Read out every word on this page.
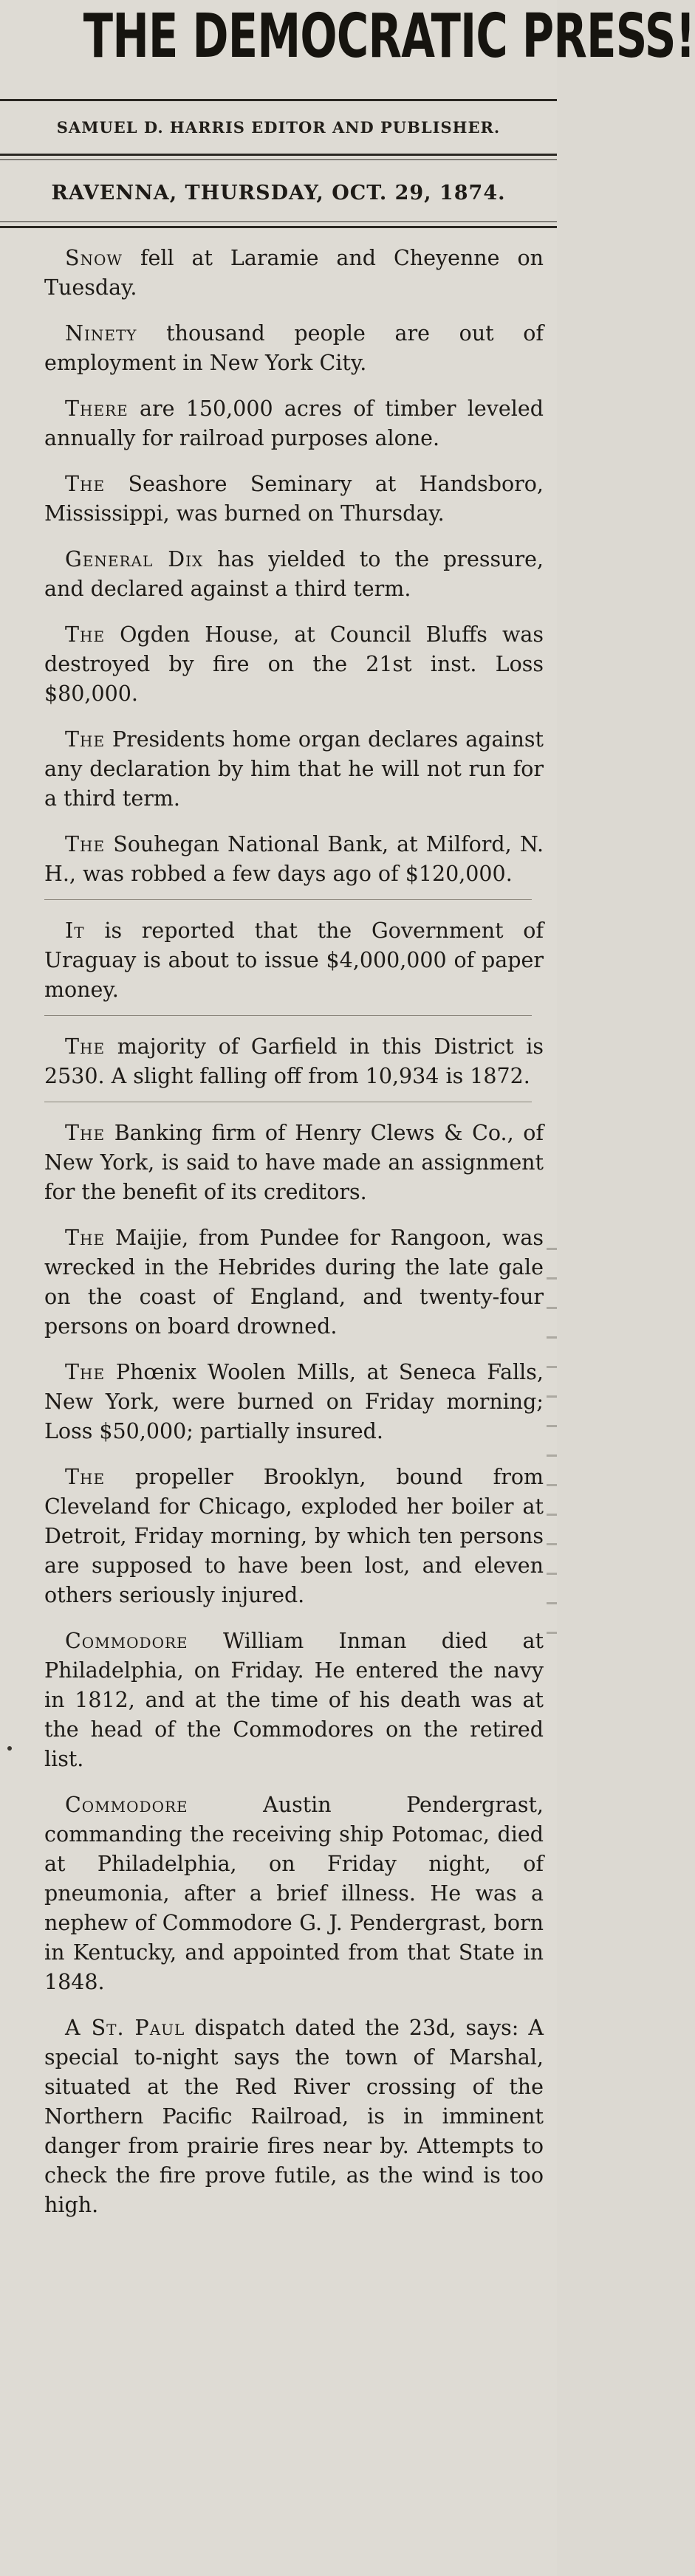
THE DEMOCRATIC PRESS!
SAMUEL D. HARRIS EDITOR AND PUBLISHER.
RAVENNA, THURSDAY, OCT. 29, 1874.

Snow fell at Laramie and Cheyenne on Tuesday.

Ninety thousand people are out of employment in New York City.

There are 150,000 acres of timber leveled annually for railroad purposes alone.

The Seashore Seminary at Handsboro, Mississippi, was burned on Thursday.

General Dix has yielded to the pressure, and declared against a third term.

The Ogden House, at Council Bluffs was destroyed by fire on the 21st inst. Loss $80,000.

The Presidents home organ declares against any declaration by him that he will not run for a third term.

The Souhegan National Bank, at Milford, N. H., was robbed a few days ago of $120,000.

It is reported that the Government of Uraguay is about to issue $4,000,000 of paper money.

The majority of Garfield in this District is 2530. A slight falling off from 10,934 is 1872.

The Banking firm of Henry Clews & Co., of New York, is said to have made an assignment for the benefit of its creditors.

The Maijie, from Pundee for Rangoon, was wrecked in the Hebrides during the late gale on the coast of England, and twenty-four persons on board drowned.

The Phœnix Woolen Mills, at Seneca Falls, New York, were burned on Friday morning; Loss $50,000; partially insured.

The propeller Brooklyn, bound from Cleveland for Chicago, exploded her boiler at Detroit, Friday morning, by which ten persons are supposed to have been lost, and eleven others seriously injured.

Commodore William Inman died at Philadelphia, on Friday. He entered the navy in 1812, and at the time of his death was at the head of the Commodores on the retired list.

Commodore	Austin Pendergrast, commanding the receiving ship Potomac, died at Philadelphia, on Friday night, of pneumonia, after a brief illness. He was a nephew of Commodore G. J. Pendergrast, born in Kentucky, and appointed from that State in 1848.

A St. Paul dispatch dated the 23d, says: A special to-night says the town of Marshal, situated at the Red River crossing of the Northern Pacific Railroad, is in imminent danger from prairie fires near by. Attempts to check the fire prove futile, as the wind is too high.
